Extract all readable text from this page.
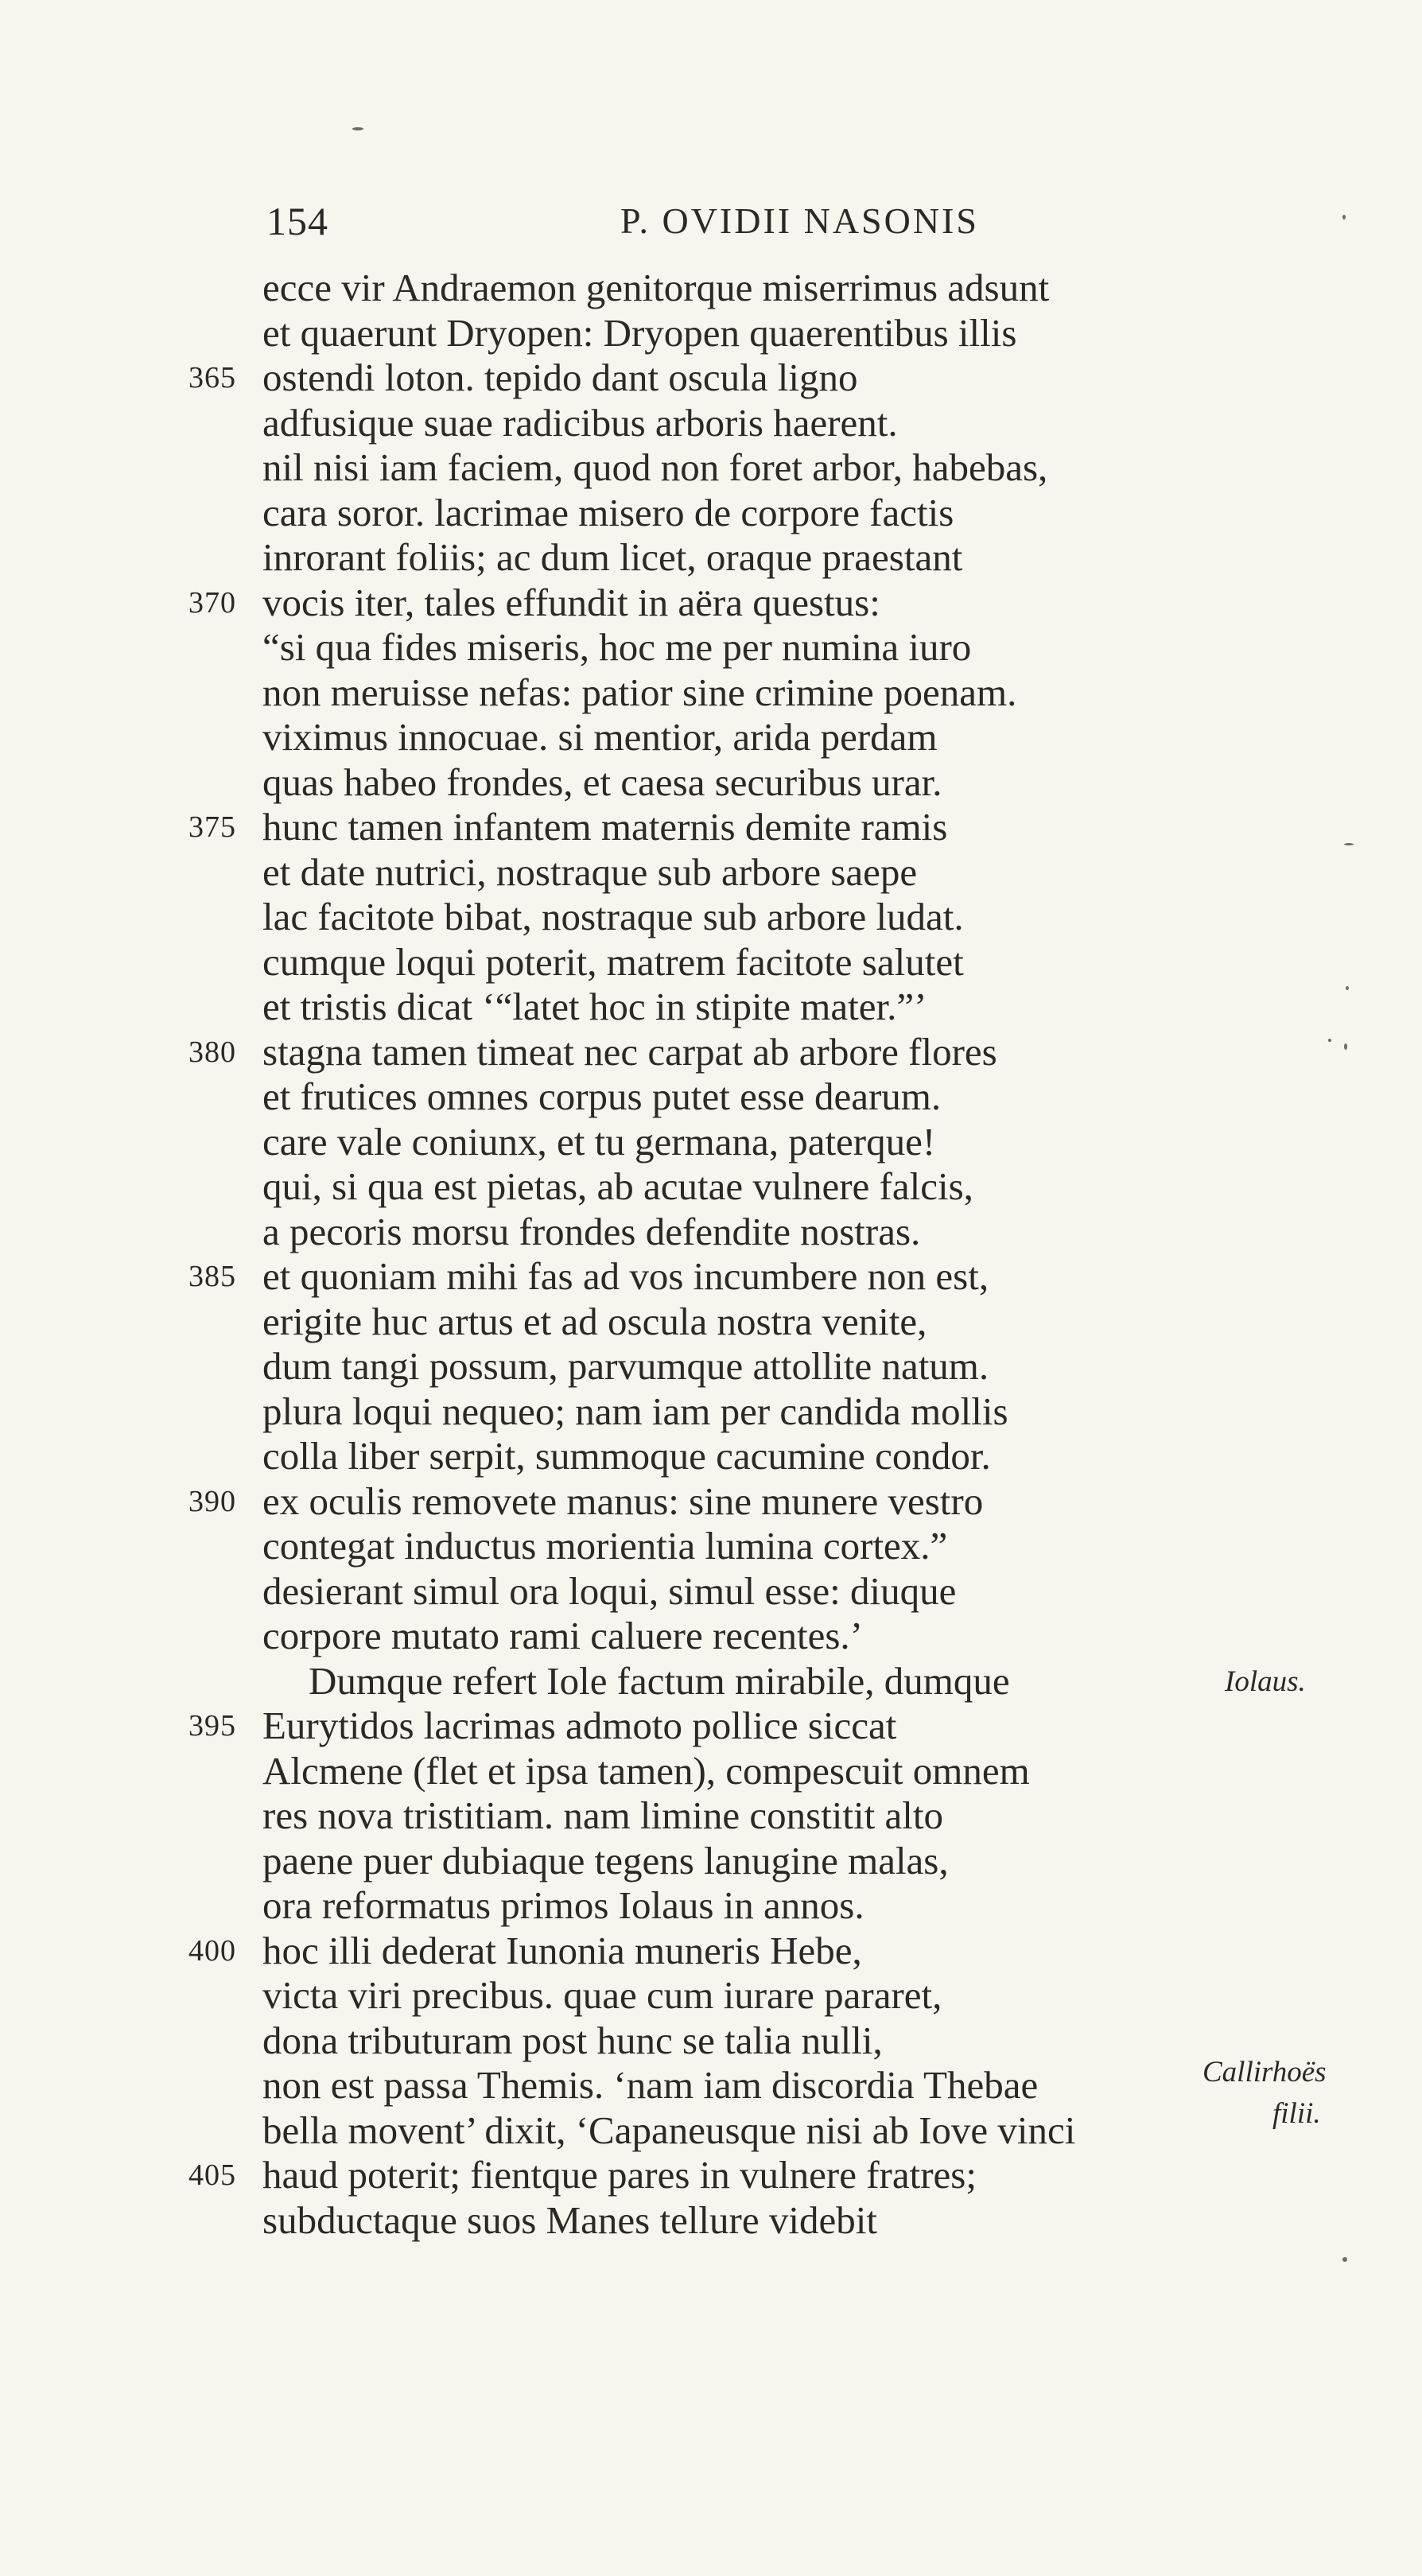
154	P. OVIDII NASONIS
ecce vir Andraemon genitorque miserrimus adsunt
et quaerunt Dryopen: Dryopen quaerentibus illis
365 ostendi loton. tepido dant oscula ligno
adfusique suae radicibus arboris haerent.
nil nisi iam faciem, quod non foret arbor, habebas,
cara soror. lacrimae misero de corpore factis
inrorant foliis; ac dum licet, oraque praestant
370 vocis iter, tales effundit in aëra questus:
“si qua fides miseris, hoc me per numina iuro
non meruisse nefas: patior sine crimine poenam.
viximus innocuae. si mentior, arida perdam
quas habeo frondes, et caesa securibus urar.
375 hunc tamen infantem maternis demite ramis
et date nutrici, nostraque sub arbore saepe
lac facitote bibat, nostraque sub arbore ludat.
cumque loqui poterit, matrem facitote salutet
et tristis dicat ‘“latet hoc in stipite mater.”’
380 stagna tamen timeat nec carpat ab arbore flores
et frutices omnes corpus putet esse dearum.
care vale coniunx, et tu germana, paterque!
qui, si qua est pietas, ab acutae vulnere falcis,
a pecoris morsu frondes defendite nostras.
385 et quoniam mihi fas ad vos incumbere non est,
erigite huc artus et ad oscula nostra venite,
dum tangi possum, parvumque attollite natum.
plura loqui nequeo; nam iam per candida mollis
colla liber serpit, summoque cacumine condor.
390 ex oculis removete manus: sine munere vestro
contegat inductus morientia lumina cortex.”
desierant simul ora loqui, simul esse: diuque
corpore mutato rami caluere recentes.’
Dumque refert Iole factum mirabile, dumque
395 Eurytidos lacrimas admoto pollice siccat
Alcmene (flet et ipsa tamen), compescuit omnem
res nova tristitiam. nam limine constitit alto
paene puer dubiaque tegens lanugine malas,
ora reformatus primos Iolaus in annos.
400 hoc illi dederat Iunonia muneris Hebe,
victa viri precibus. quae cum iurare pararet,
dona tributuram post hunc se talia nulli,
non est passa Themis. ‘nam iam discordia Thebae
bella movent’ dixit, ‘Capaneusque nisi ab Iove vinci
405 haud poterit; fientque pares in vulnere fratres;
subductaque suos Manes tellure videbit
Iolaus.
Callirhoës
filii.
